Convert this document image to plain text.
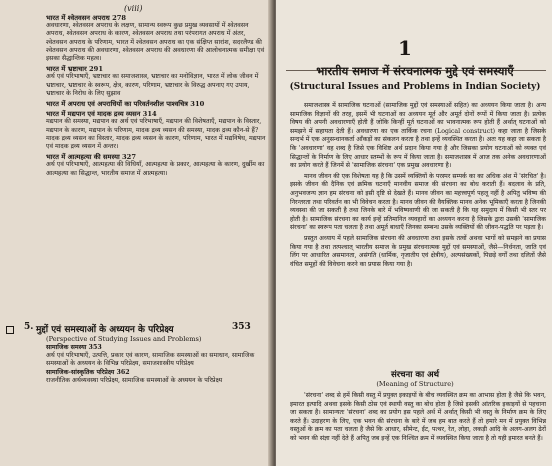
(viii)
भारत में श्वेतवसन अपराध 278
अवधारणा, श्वेतवसन अपराध के लक्षण, सामान्य स्वरूप कुछ प्रमुख व्यवसायों में श्वेतवसन अपराध, श्वेतवसन अपराध के कारण, श्वेतवसन अपराध तथा परंपरागत अपराध में अंतर, श्वेतवसन अपराध के परिणाम, भारत में श्वेतवसन अपराध का एक संक्षिप्त सारांश, सदरलैण्ड की श्वेतवसन अपराध की अवधारणा, श्वेतवसन अपराध की अवधारणा की आलोचनात्मक समीक्षा एवं इसका सैद्धान्तिक महत्व।
भारत में भ्रष्टाचार 291
अर्थ एवं परिभाषाएँ, भ्रष्टाचार का समाजशास्त्र, भ्रष्टाचार का मनोविज्ञान, भारत में लोक जीवन में भ्रष्टाचार, भ्रष्टाचार के स्वरूप, क्षेत्र, कारण, परिणाम, भ्रष्टाचार के विरुद्ध अपनाए गए उपाय, भ्रष्टाचार के निरोध के लिए सुझाव
भारत में अपराध एवं अपराधियों का परिवर्तनशील पाश्वचित्र 310
भारत में मद्यपान एवं मादक द्रव्य व्यसन 314
मद्यपान की समस्या, मद्यपान का अर्थ एवं परिभाषाएँ, मद्यपान की विशेषताएँ, मद्यपान के विस्तार, मद्यपान के कारण, मद्यपान के परिणाम, मादक द्रव्य व्यसन की समस्या, मादक द्रव्य कौन-से हैं? मादक द्रव्य व्यसन का विस्तार, मादक द्रव्य व्यसन के कारण, परिणाम, भारत में मद्यनिषेध, मद्यपान एवं मादक द्रव्य व्यसन में अन्तर।
भारत में आत्महत्या की समस्या 327
अर्थ एवं परिभाषाएँ, आत्महत्या की विधियाँ, आत्महत्या के प्रकार, आत्महत्या के कारण, दुर्खीम का आत्महत्या का सिद्धान्त, भारतीय समाज में आत्महत्या।
5. मुद्दों एवं समस्याओं के अध्ययन के परिप्रेक्ष्य	353
(Perspective of Studying Issues and Problems)
सामाजिक समस्या 353
अर्थ एवं परिभाषाएँ, उत्पत्ति, प्रकार एवं कारण, सामाजिक समस्याओं का समाधान, सामाजिक समस्याओं के अध्ययन के विभिन्न परिप्रेक्ष्य, समाजशास्त्रीय परिप्रेक्ष्य
सामाजिक-सांस्कृतिक परिप्रेक्ष्य 362
राजनीतिक अर्थव्यवस्था परिप्रेक्ष्य, सामाजिक समस्याओं के अध्ययन के परिप्रेक्ष्य
1
भारतीय समाज में संरचनात्मक मुद्दे एवं समस्याएँ
(Structural Issues and Problems in Indian Society)

समाजशास्त्र में सामाजिक घटनाओं (सामाजिक मुद्दों एवं समस्याओं सहित) का अध्ययन किया जाता है। अन्य सामाजिक विज्ञानों की तरह, इसमें भी घटनाओं का अध्ययन मूर्त और अमूर्त दोनों रूपों में किया जाता है। प्रत्येक विषय की अपनी अवधारणाएँ होती हैं जोकि किन्हीं मूर्त घटनाओं का भावनात्मक रूप होती हैं अर्थात् घटनाओं को समझने में सहायता देती हैं। अवधारणा का एक तार्किक रचना (Logical construct) कहा जाता है जिसके सन्दर्भ में एक अनुसन्धानकर्ता आँकड़ों का संकलन करता है तथा इन्हें व्यवस्थित करता है। अतः यह कहा जा सकता है कि 'अवधारणा' वह शब्द है जिसे एक विशिष्ट अर्थ प्रदान किया गया है और जिसका प्रयोग घटनाओं को व्यक्त एवं सिद्धान्तों के निर्माण के लिए आधार स्तम्भों के रूप में किया जाता है। समाजशास्त्र में आज तक अनेक अवधारणाओं का प्रयोग करते हैं जिनमें से 'सामाजिक संरचना' एक प्रमुख अवधारणा है।

मानव जीवन की एक विशेषता यह है कि उसमें व्यक्तियों के परस्पर सम्पर्क का का अधिक अंश में 'संरचित' है। इसके जीवन की दैनिक एवं क्रमिक घटनाएँ मानवीय समाज की संरचना का बोध कराती हैं। बदलाव के प्रति, अनुभवजन्य ज्ञान हम संरचना को इसी दृष्टि से देखते हैं। मानव जीवन का महत्त्वपूर्ण पहलू नहीं है अपितु भविष्य की निरन्तरता तथा परिवर्तन का भी विवेचन करता है। मानव जीवन की वैयक्तिक मानव अनेक भूमिकाएँ करता है जिनकी व्यवस्था की जा सकती है तथा जिनके बारे में भविष्यवाणी की जा सकती है कि यह समुदाय में किसी भी स्तर पर होती है। सामाजिक संरचना का कार्य इन्हें प्रतिमानित व्यवहारों का अध्ययन करना है जिसके द्वारा उसकी 'सामाजिक संरचना' का स्वरूप पता चलता है तथा अमूर्त बाधाएँ जिनका सम्बन्ध उसके व्यक्तियों की जीवन-पद्धति पर पड़ता है।

प्रस्तुत अध्याय में पहले सामाजिक संरचना की अवधारणा तथा इसके तत्वों अथवा भागों को समझने का प्रयास किया गया है तथा तत्पश्चात् भारतीय समाज के प्रमुख संरचनात्मक मुद्दों एवं समस्याओं, जैसे—निर्धनता, जाति एवं लिंग पर आधारित असमानता, असंगति (धार्मिक, नृजातीय एवं क्षेत्रीय), अल्पसंख्यकों, पिछड़े वर्गों तथा दलितों जैसे वंचित समूहों की विवेचना करने का प्रयास किया गया है।

संरचना का अर्थ
(Meaning of Structure)

'संरचना' शब्द से हमें किसी वस्तु में प्रयुक्त इकाइयों के बीच व्यवस्थित क्रम का आभास होता है जैसे कि भवन, इमारत इत्यादि अथवा इसके किसी ठोस एवं स्थायी वस्तु का बोध होता है जिसे इसकी आंतरिक इकाइयों से पहचाना जा सकता है। सामान्यतः 'संरचना' शब्द का प्रयोग इस पहले अर्थ में अर्थात् किसी भी वस्तु के निर्माण क्रम के लिए करते हैं। उदाहरण के लिए, एक भवन की संरचना के बारे में जब हम बात करते हैं तो हमारे मन में प्रयुक्त विभिन्न वस्तुओं के क्रम का पता चलता है जैसे कि आधार, सीमेन्ट, ईंट, पत्थर, रेत, लोहा, लकड़ी आदि के अलग-अलग ढेरों को भवन की संज्ञा नहीं देते हैं अपितु जब इन्हें एक निश्चित क्रम में व्यवस्थित किया जाता है तो यही इमारत बनते हैं।
